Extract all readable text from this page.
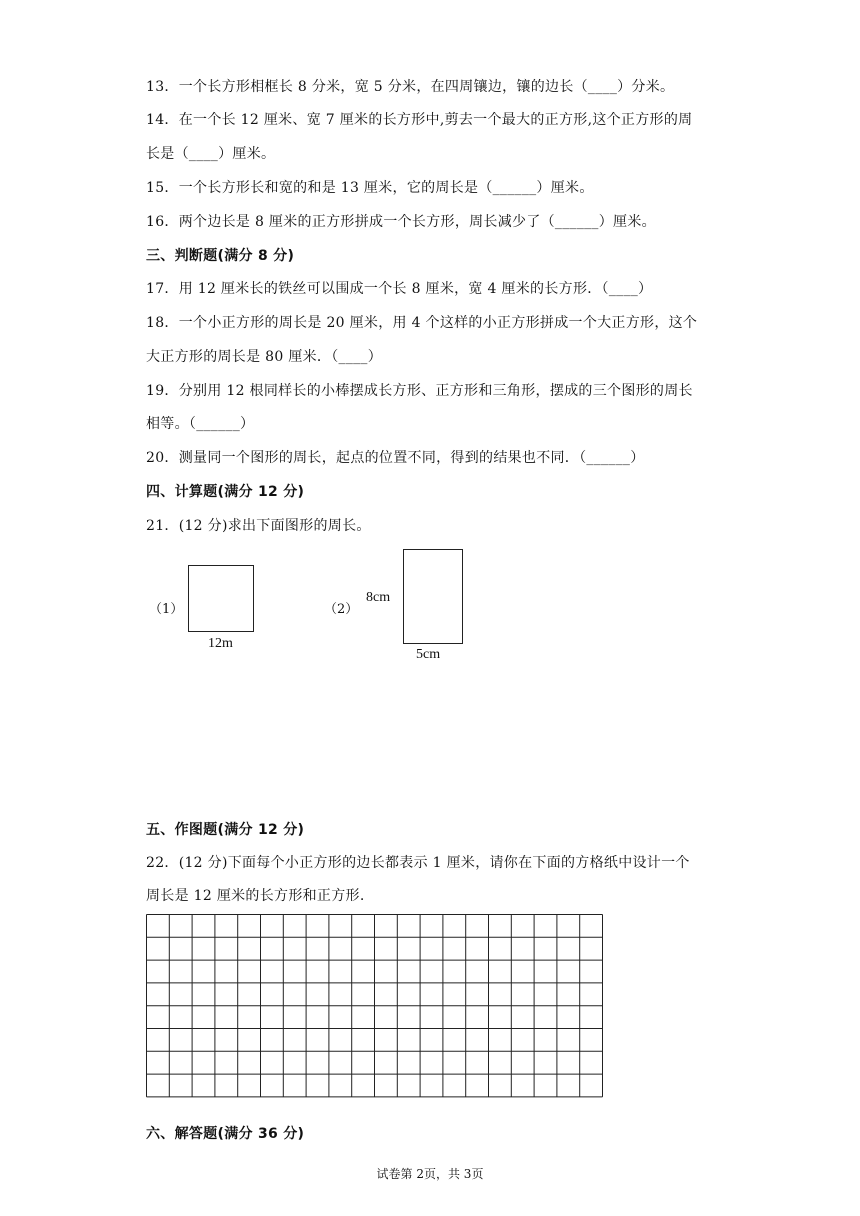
13．一个长方形相框长 8 分米，宽 5 分米，在四周镶边，镶的边长（____）分米。
14．在一个长 12 厘米、宽 7 厘米的长方形中,剪去一个最大的正方形,这个正方形的周
长是（____）厘米。
15．一个长方形长和宽的和是 13 厘米，它的周长是（______）厘米。
16．两个边长是 8 厘米的正方形拼成一个长方形，周长减少了（______）厘米。
三、判断题(满分 8 分)
17．用 12 厘米长的铁丝可以围成一个长 8 厘米，宽 4 厘米的长方形．（____）
18．一个小正方形的周长是 20 厘米，用 4 个这样的小正方形拼成一个大正方形，这个
大正方形的周长是 80 厘米．（____）
19．分别用 12 根同样长的小棒摆成长方形、正方形和三角形，摆成的三个图形的周长
相等。（______）
20．测量同一个图形的周长，起点的位置不同，得到的结果也不同．（______）
四、计算题(满分 12 分)
21．(12 分)求出下面图形的周长。
（1）
12m
（2）
8cm
5cm
五、作图题(满分 12 分)
22．(12 分)下面每个小正方形的边长都表示 1 厘米，请你在下面的方格纸中设计一个
周长是 12 厘米的长方形和正方形.
六、解答题(满分 36 分)
试卷第 2页，共 3页
